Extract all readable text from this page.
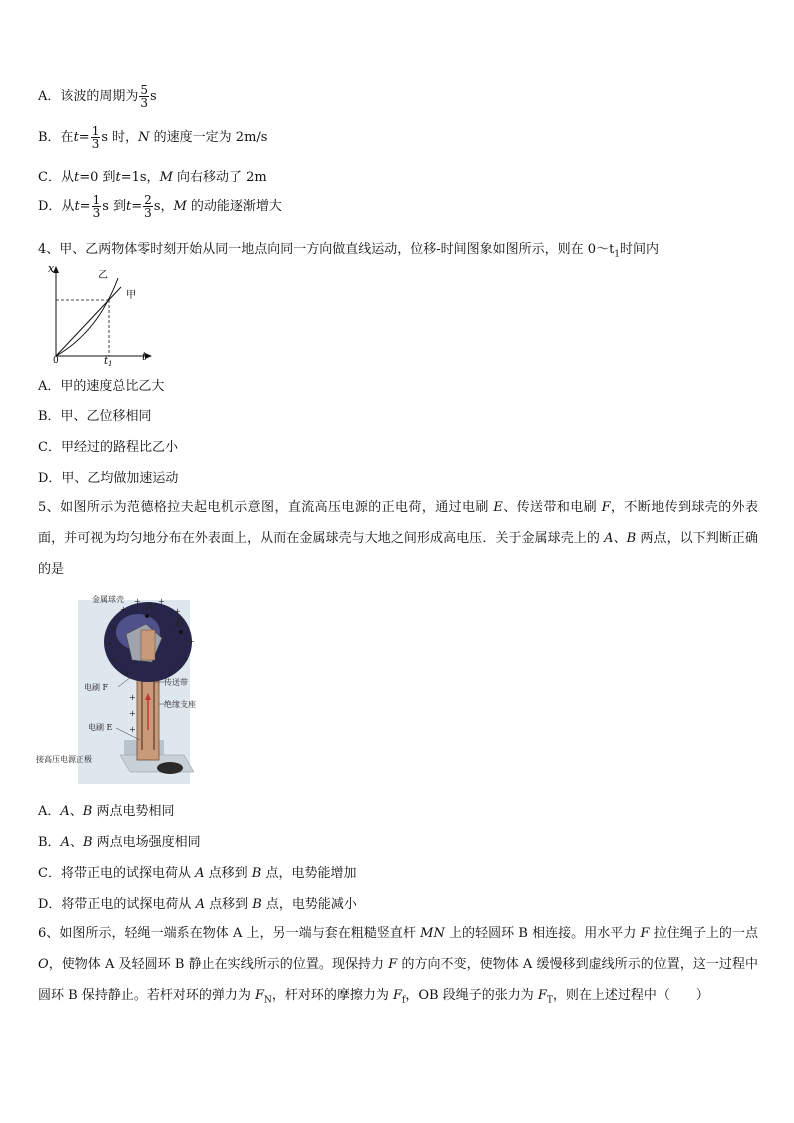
A．该波的周期为 $\frac{5}{3}$ s
B．在$t= \frac{1}{3}$ s 时，N 的速度一定为 2m/s
C．从t=0 到t=1s，M 向右移动了 2m
D．从$t= \frac{1}{3}$ s 到$t= \frac{2}{3}$ s，M 的动能逐渐增大
4、甲、乙两物体零时刻开始从同一地点向同一方向做直线运动，位移-时间图象如图所示，则在 $0\sim t_1$时间内
x
t
0
乙
甲
$t_1$
A．甲的速度总比乙大
B．甲、乙位移相同
C．甲经过的路程比乙小
D．甲、乙均做加速运动
5、如图所示为范德格拉夫起电机示意图，直流高压电源的正电荷，通过电刷 E、传送带和电刷 F，不断地传到球壳的外表面，并可视为均匀地分布在外表面上，从而在金属球壳与大地之间形成高电压．关于金属球壳上的 A、B 两点，以下判断正确的是
+
+
+
+
+ +
+
+
+
+
+
+
+
+
金属球壳
A
B
电刷 F
传送带
绝缘支座
电刷 E
接高压电源正极
A．A、B 两点电势相同
B．A、B 两点电场强度相同
C．将带正电的试探电荷从 A 点移到 B 点，电势能增加
D．将带正电的试探电荷从 A 点移到 B 点，电势能减小
6、如图所示，轻绳一端系在物体 A 上，另一端与套在粗糙竖直杆 MN 上的轻圆环 B 相连接。用水平力 F 拉住绳子上的一点 O，使物体 A 及轻圆环 B 静止在实线所示的位置。现保持力 F 的方向不变，使物体 A 缓慢移到虚线所示的位置，这一过程中圆环 B 保持静止。若杆对环的弹力为 $F_N$，杆对环的摩擦力为 $F_f$，OB 段绳子的张力为 $F_T$，则在上述过程中（　　）
